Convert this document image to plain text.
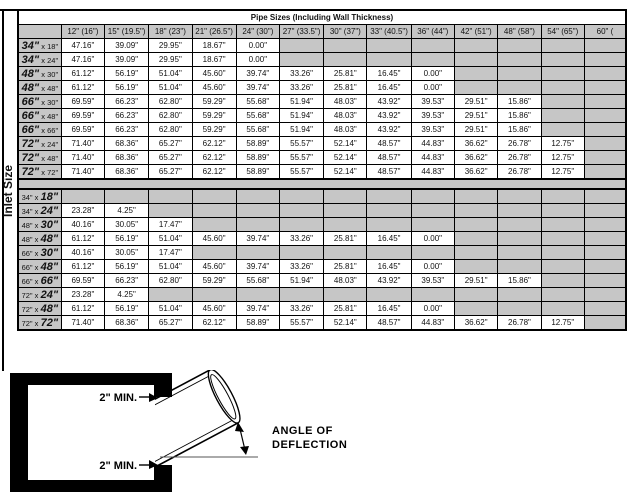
Inlet Size
Pipe Sizes (Including Wall Thickness)													
	12" (16")	15" (19.5")	18" (23")	21" (26.5")	24" (30")	27" (33.5")	30" (37")	33" (40.5")	36" (44")	42" (51")	48" (58")	54" (65")	60" (
34" x 18"	47.16"	39.09"	29.95"	18.67"	0.00"								
34" x 24"	47.16"	39.09"	29.95"	18.67"	0.00"								
48" x 30"	61.12"	56.19"	51.04"	45.60"	39.74"	33.26"	25.81"	16.45"	0.00"				
48" x 48"	61.12"	56.19"	51.04"	45.60"	39.74"	33.26"	25.81"	16.45"	0.00"				
66" x 30"	69.59"	66.23"	62.80"	59.29"	55.68"	51.94"	48.03"	43.92"	39.53"	29.51"	15.86"		
66" x 48"	69.59"	66.23"	62.80"	59.29"	55.68"	51.94"	48.03"	43.92"	39.53"	29.51"	15.86"		
66" x 66"	69.59"	66.23"	62.80"	59.29"	55.68"	51.94"	48.03"	43.92"	39.53"	29.51"	15.86"		
72" x 24"	71.40"	68.36"	65.27"	62.12"	58.89"	55.57"	52.14"	48.57"	44.83"	36.62"	26.78"	12.75"	
72" x 48"	71.40"	68.36"	65.27"	62.12"	58.89"	55.57"	52.14"	48.57"	44.83"	36.62"	26.78"	12.75"	
72" x 72"	71.40"	68.36"	65.27"	62.12"	58.89"	55.57"	52.14"	48.57"	44.83"	36.62"	26.78"	12.75"	

34" x 18"													
34" x 24"	23.28"	4.25"											
48" x 30"	40.16"	30.05"	17.47"										
48" x 48"	61.12"	56.19"	51.04"	45.60"	39.74"	33.26"	25.81"	16.45"	0.00"				
66" x 30"	40.16"	30.05"	17.47"										
66" x 48"	61.12"	56.19"	51.04"	45.60"	39.74"	33.26"	25.81"	16.45"	0.00"				
66" x 66"	69.59"	66.23"	62.80"	59.29"	55.68"	51.94"	48.03"	43.92"	39.53"	29.51"	15.86"		
72" x 24"	23.28"	4.25"											
72" x 48"	61.12"	56.19"	51.04"	45.60"	39.74"	33.26"	25.81"	16.45"	0.00"				
72" x 72"	71.40"	68.36"	65.27"	62.12"	58.89"	55.57"	52.14"	48.57"	44.83"	36.62"	26.78"	12.75"	
2" MIN.
2" MIN.
ANGLE OF
DEFLECTION
